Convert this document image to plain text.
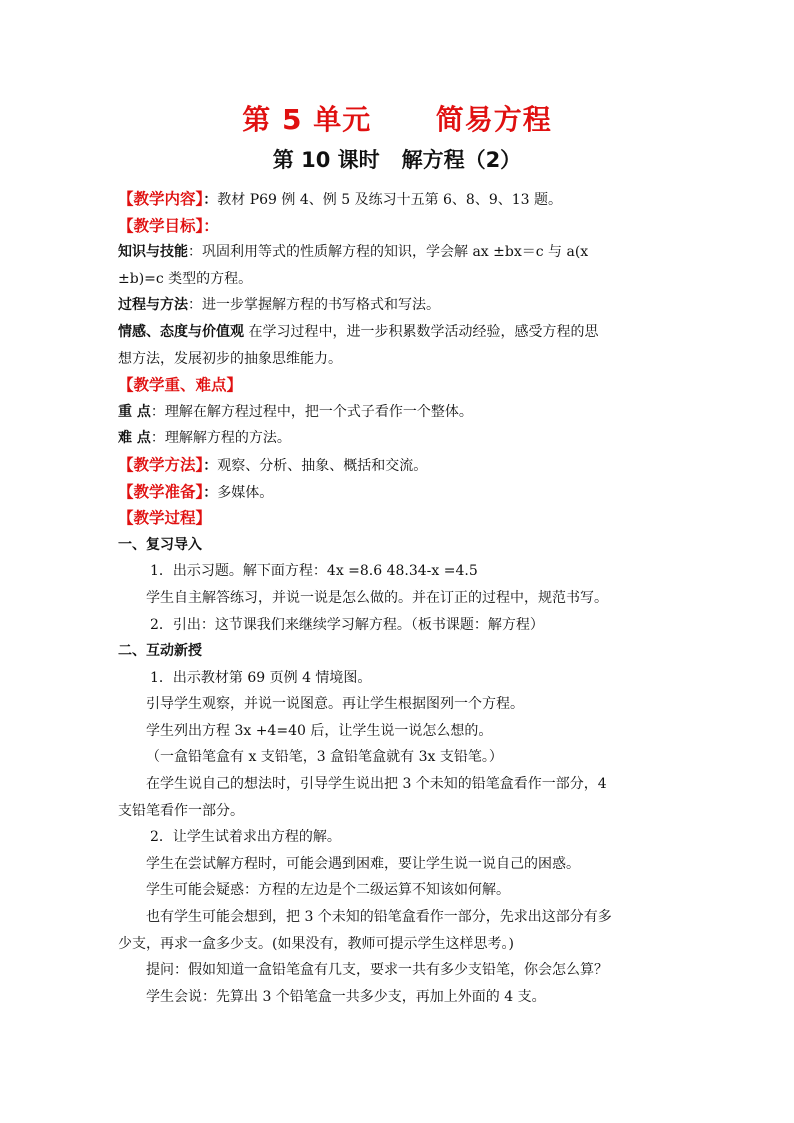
第 5 单元      简易方程
第 10 课时   解方程（2）
【教学内容】：教材 P69 例 4、例 5 及练习十五第 6、8、9、13 题。
【教学目标】：
知识与技能：巩固利用等式的性质解方程的知识，学会解 ax ±bx＝c 与 a(x
±b)=c 类型的方程。
过程与方法：进一步掌握解方程的书写格式和写法。
情感、态度与价值观 在学习过程中，进一步积累数学活动经验，感受方程的思
想方法，发展初步的抽象思维能力。
【教学重、难点】
重 点：理解在解方程过程中，把一个式子看作一个整体。
难 点：理解解方程的方法。
【教学方法】：观察、分析、抽象、概括和交流。
【教学准备】：多媒体。
【教学过程】
一、复习导入
1．出示习题。解下面方程：4x =8.6 48.34-x =4.5
学生自主解答练习，并说一说是怎么做的。并在订正的过程中，规范书写。
2．引出：这节课我们来继续学习解方程。（板书课题：解方程）
二、互动新授
1．出示教材第 69 页例 4 情境图。
引导学生观察，并说一说图意。再让学生根据图列一个方程。
学生列出方程 3x +4=40 后，让学生说一说怎么想的。
（一盒铅笔盒有 x 支铅笔，3 盒铅笔盒就有 3x 支铅笔。）
在学生说自己的想法时，引导学生说出把 3 个未知的铅笔盒看作一部分，4
支铅笔看作一部分。
2．让学生试着求出方程的解。
学生在尝试解方程时，可能会遇到困难，要让学生说一说自己的困惑。
学生可能会疑惑：方程的左边是个二级运算不知该如何解。
也有学生可能会想到，把 3 个未知的铅笔盒看作一部分，先求出这部分有多
少支，再求一盒多少支。(如果没有，教师可提示学生这样思考。)
提问：假如知道一盒铅笔盒有几支，要求一共有多少支铅笔，你会怎么算？
学生会说：先算出 3 个铅笔盒一共多少支，再加上外面的 4 支。
